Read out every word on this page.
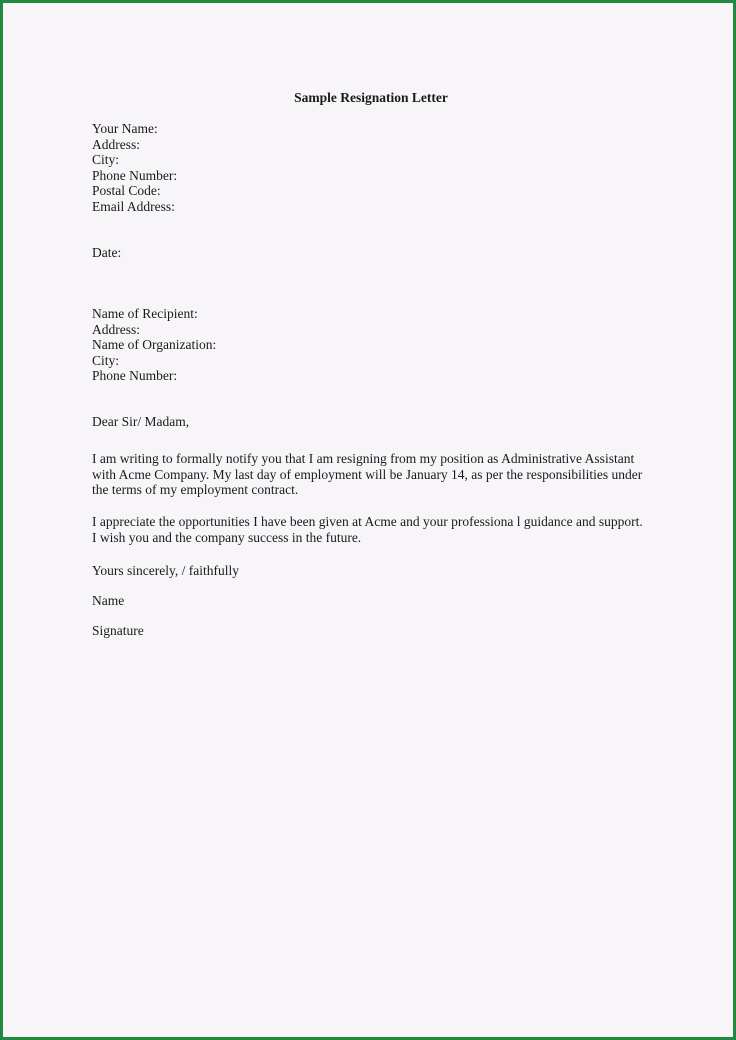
Sample Resignation Letter
Your Name:
Address:
City:
Phone Number:
Postal Code:
Email Address:
Date:
Name of Recipient:
Address:
Name of Organization:
City:
Phone Number:
Dear Sir/ Madam,
I am writing to formally notify you that I am resigning from my position as Administrative Assistant
with Acme Company. My last day of employment will be January 14, as per the responsibilities under
the terms of my employment contract.
I appreciate the opportunities I have been given at Acme and your professiona l guidance and support.
I wish you and the company success in the future.
Yours sincerely, / faithfully
Name
Signature
